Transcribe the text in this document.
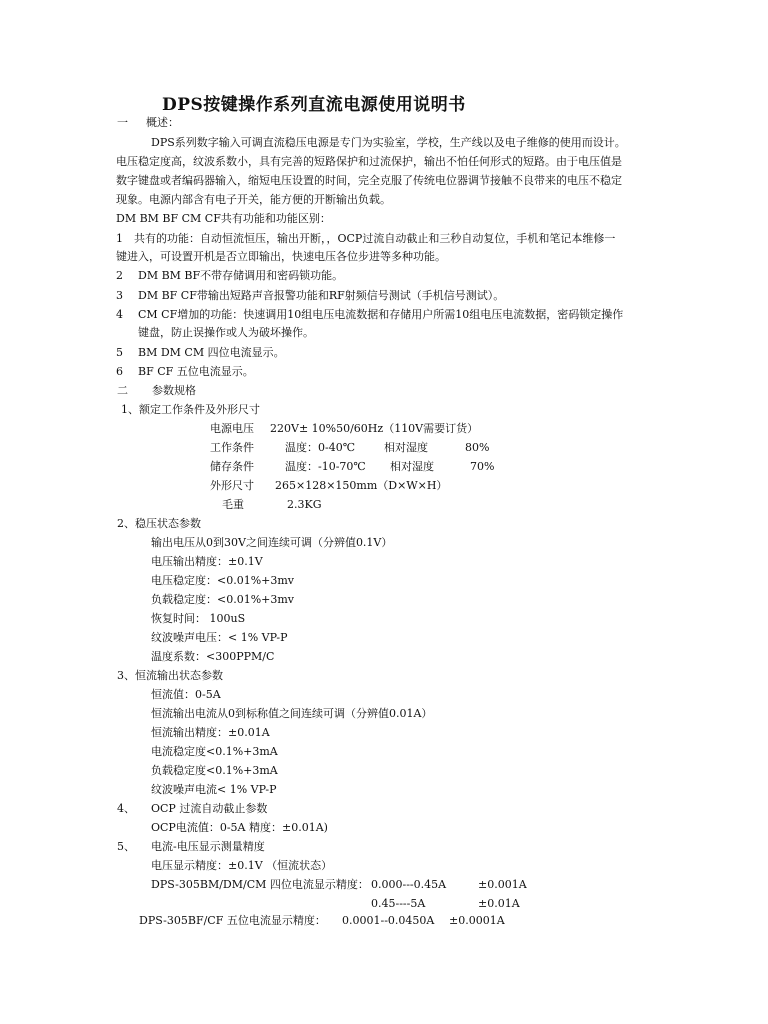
DPS按键操作系列直流电源使用说明书
一 概述：
DPS系列数字输入可调直流稳压电源是专门为实验室，学校，生产线以及电子维修的使用而设计。
电压稳定度高，纹波系数小，具有完善的短路保护和过流保护，输出不怕任何形式的短路。由于电压值是
数字键盘或者编码器输入，缩短电压设置的时间，完全克服了传统电位器调节接触不良带来的电压不稳定
现象。电源内部含有电子开关，能方便的开断输出负载。
DM BM BF CM CF共有功能和功能区别：
1 共有的功能：自动恒流恒压，输出开断，，OCP过流自动截止和三秒自动复位，手机和笔记本维修一
键进入，可设置开机是否立即输出，快速电压各位步进等多种功能。
2 DM BM BF不带存储调用和密码锁功能。
3 DM BF CF带输出短路声音报警功能和RF射频信号测试（手机信号测试）。
4 CM CF增加的功能：快速调用10组电压电流数据和存储用户所需10组电压电流数据，密码锁定操作
键盘，防止误操作或人为破坏操作。
5 BM DM CM 四位电流显示。
6 BF CF 五位电流显示。
二 参数规格
1、额定工作条件及外形尺寸
电源电压 220V± 10%50/60Hz（110V需要订货）
工作条件	温度：0-40℃	相对湿度	80%
储存条件	温度：-10-70℃ 相对湿度	70%
外形尺寸 265×128×150mm（D×W×H）
毛重	2.3KG
2、稳压状态参数
输出电压从0到30V之间连续可调（分辨值0.1V）
电压输出精度：±0.1V
电压稳定度：<0.01%+3mv
负载稳定度：<0.01%+3mv
恢复时间： 100uS
纹波噪声电压：< 1% VP-P
温度系数：<300PPM/C
3、恒流输出状态参数
恒流值：0-5A
恒流输出电流从0到标称值之间连续可调（分辨值0.01A）
恒流输出精度：±0.01A
电流稳定度<0.1%+3mA
负载稳定度<0.1%+3mA
纹波噪声电流< 1% VP-P
4、 OCP 过流自动截止参数
OCP电流值：0-5A 精度：±0.01A)
5、 电流-电压显示测量精度
电压显示精度：±0.1V （恒流状态）
DPS-305BM/DM/CM 四位电流显示精度： 0.000---0.45A	±0.001A
0.45----5A	±0.01A
DPS-305BF/CF 五位电流显示精度： 0.0001--0.0450A ±0.0001A
